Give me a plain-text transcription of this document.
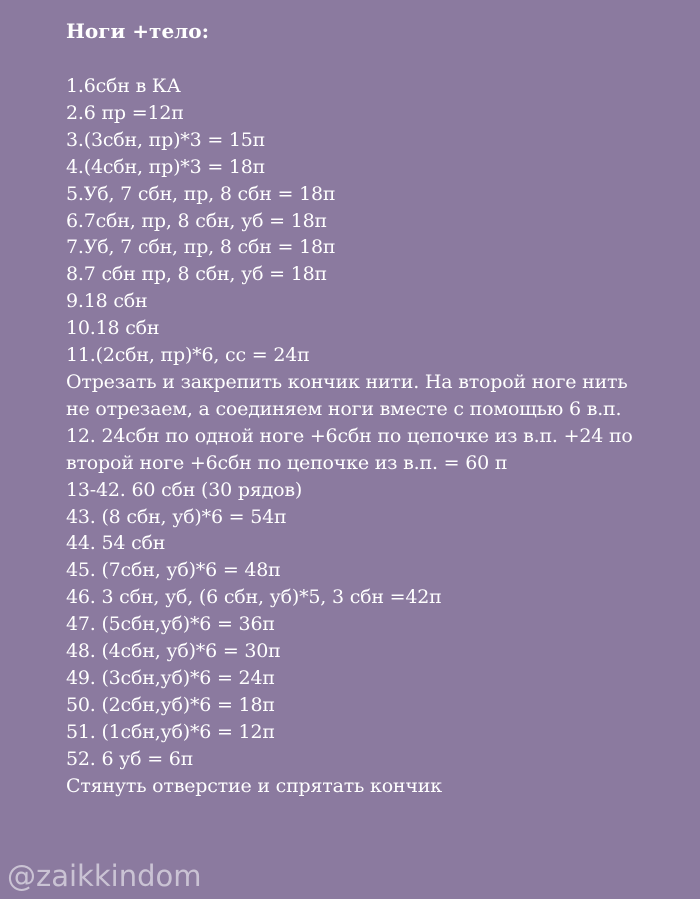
Ноги +тело:
1.6сбн в КА
2.6 пр =12п
3.(3сбн, пр)*3 = 15п
4.(4сбн, пр)*3 = 18п
5.Уб, 7 сбн, пр, 8 сбн = 18п
6.7сбн, пр, 8 сбн, уб = 18п
7.Уб, 7 сбн, пр, 8 сбн = 18п
8.7 сбн пр, 8 сбн, уб = 18п
9.18 сбн
10.18 сбн
11.(2сбн, пр)*6, сс = 24п
Отрезать и закрепить кончик нити. На второй ноге нить
не отрезаем, а соединяем ноги вместе с помощью 6 в.п.
12. 24сбн по одной ноге +6сбн по цепочке из в.п. +24 по
второй ноге +6сбн по цепочке из в.п. = 60 п
13-42. 60 сбн (30 рядов)
43. (8 сбн, уб)*6 = 54п
44. 54 сбн
45. (7сбн, уб)*6 = 48п
46. 3 сбн, уб, (6 сбн, уб)*5, 3 сбн =42п
47. (5сбн,уб)*6 = 36п
48. (4сбн, уб)*6 = 30п
49. (3сбн,уб)*6 = 24п
50. (2сбн,уб)*6 = 18п
51. (1сбн,уб)*6 = 12п
52. 6 уб = 6п
Стянуть отверстие и спрятать кончик
@zaikkindom
